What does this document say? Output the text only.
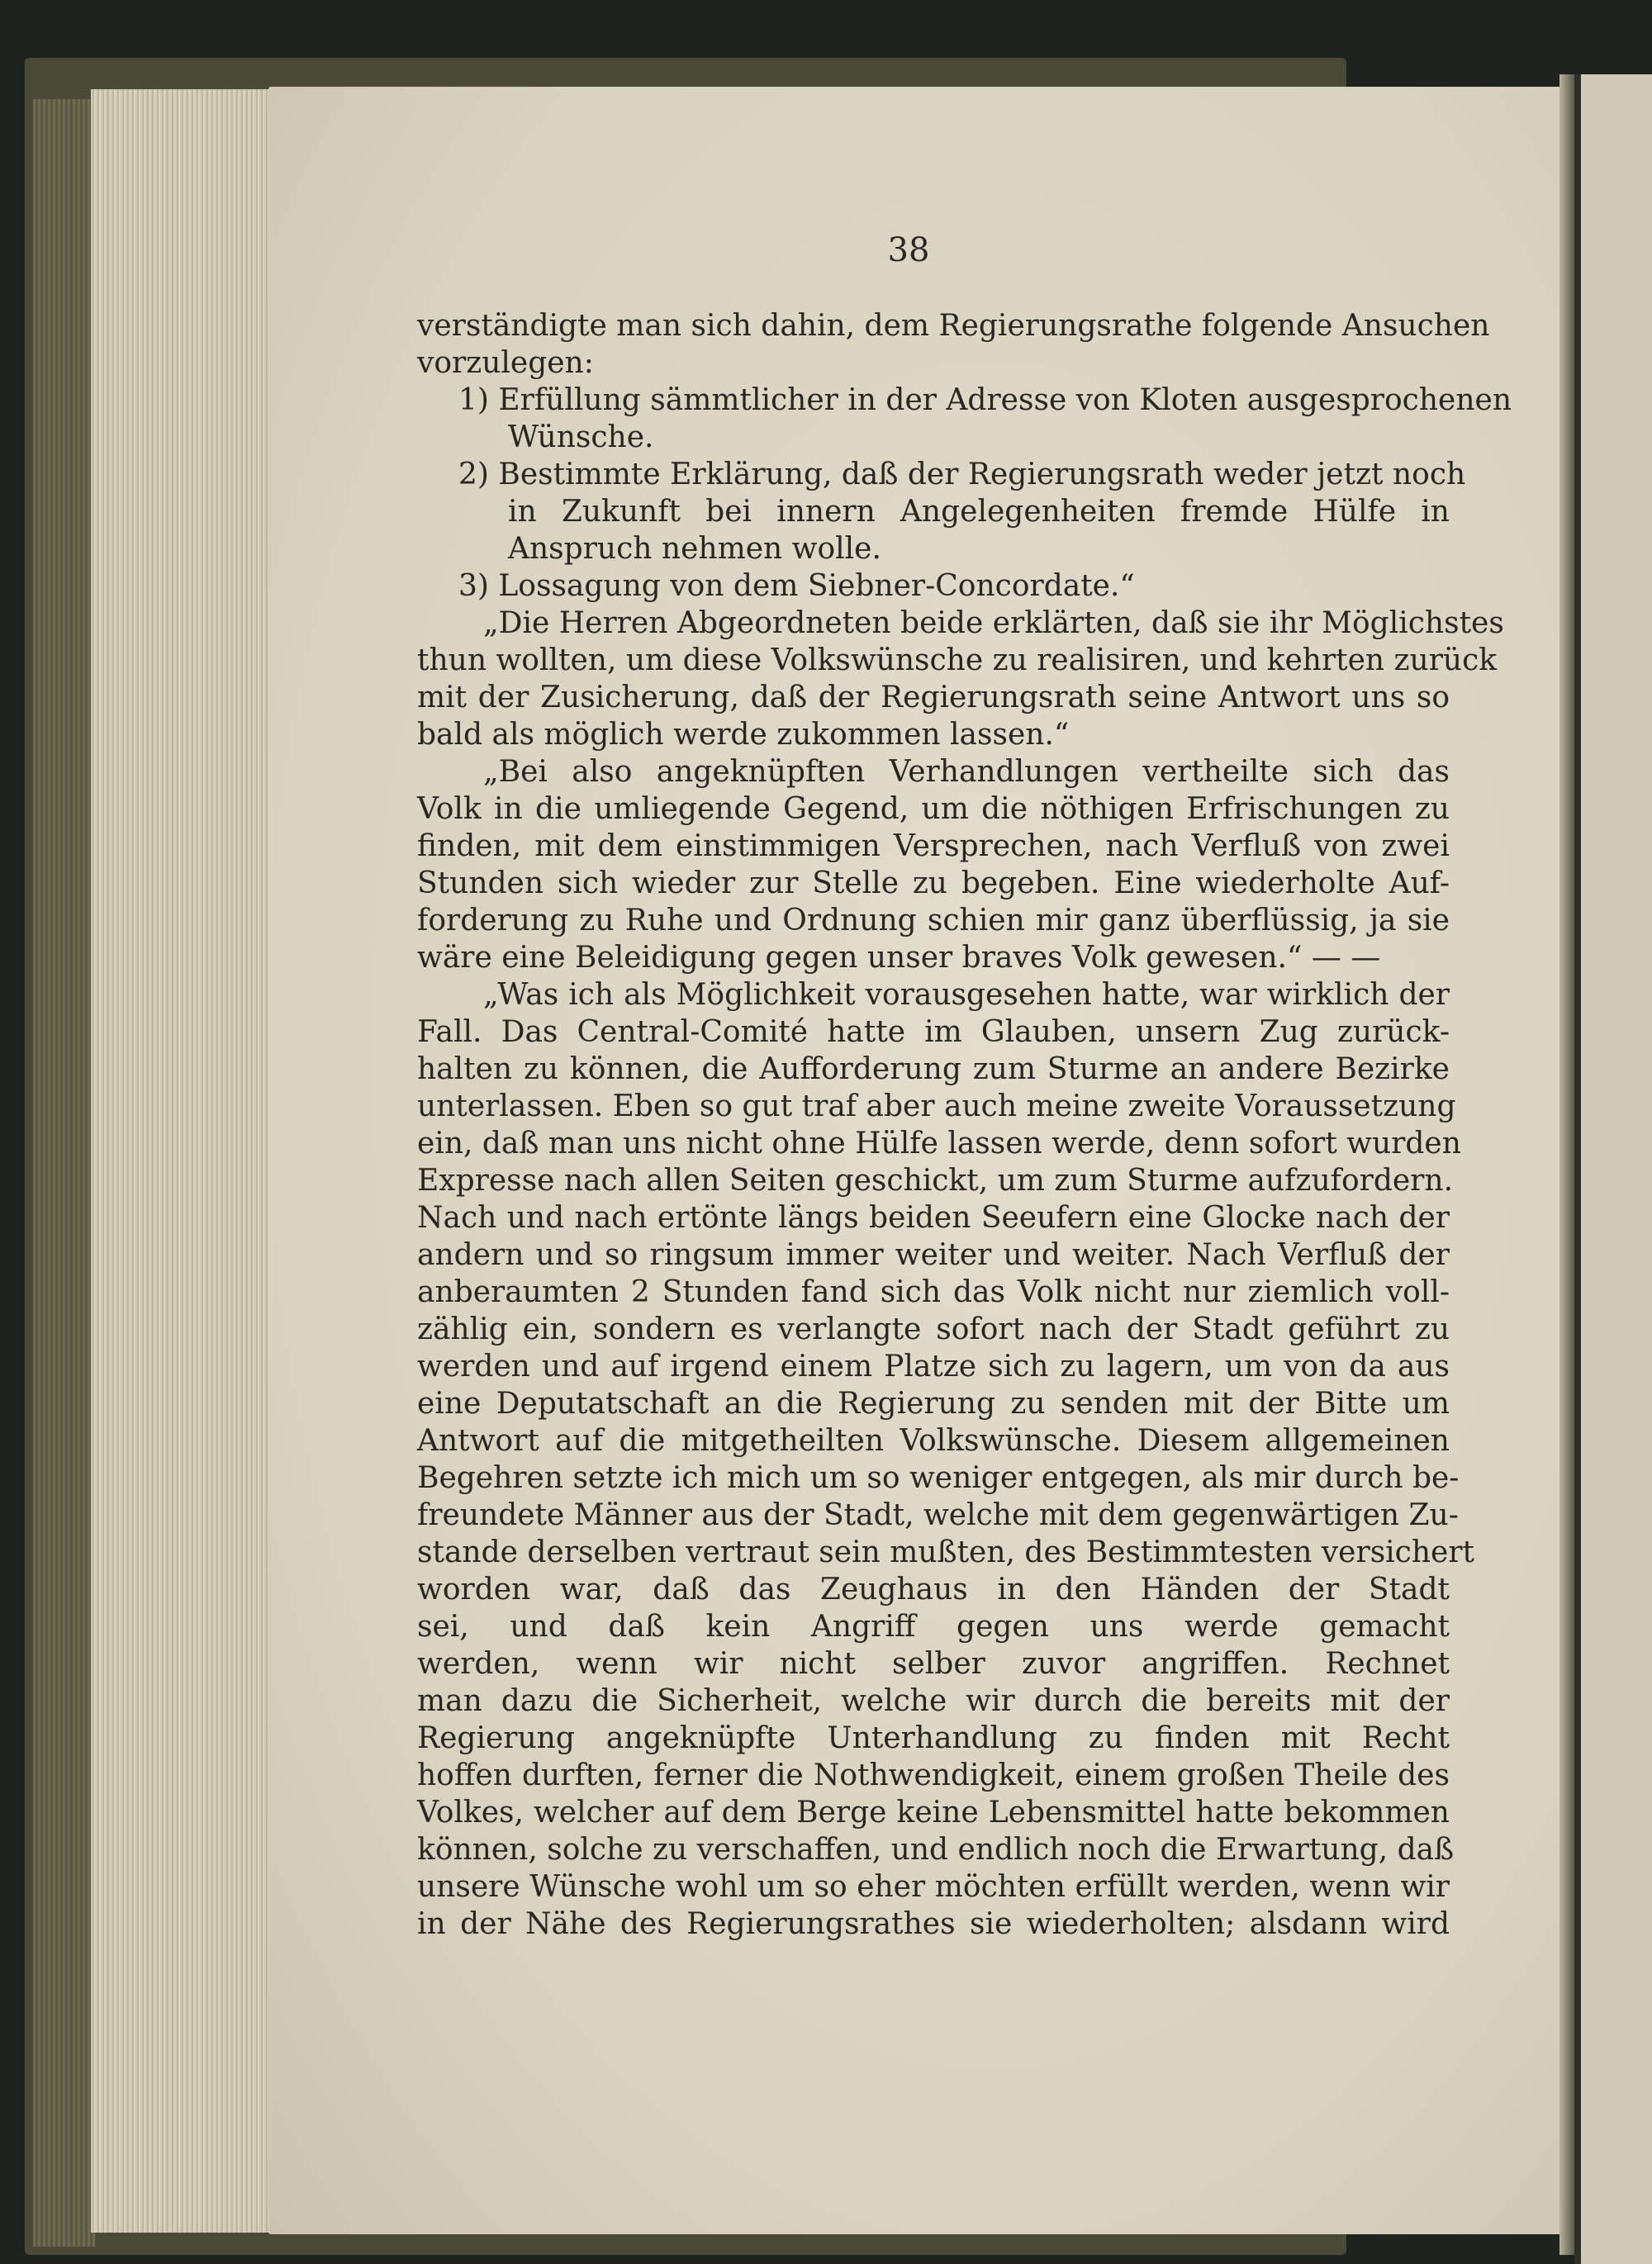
38
verständigte man sich dahin, dem Regierungsrathe folgende Ansuchen
vorzulegen:
1) Erfüllung sämmtlicher in der Adresse von Kloten ausgesprochenen
Wünsche.
2) Bestimmte Erklärung, daß der Regierungsrath weder jetzt noch
in Zukunft bei innern Angelegenheiten fremde Hülfe in
Anspruch nehmen wolle.
3) Lossagung von dem Siebner-Concordate.“
„Die Herren Abgeordneten beide erklärten, daß sie ihr Möglichstes
thun wollten, um diese Volkswünsche zu realisiren, und kehrten zurück
mit der Zusicherung, daß der Regierungsrath seine Antwort uns so
bald als möglich werde zukommen lassen.“
„Bei also angeknüpften Verhandlungen vertheilte sich das
Volk in die umliegende Gegend, um die nöthigen Erfrischungen zu
finden, mit dem einstimmigen Versprechen, nach Verfluß von zwei
Stunden sich wieder zur Stelle zu begeben. Eine wiederholte Auf-
forderung zu Ruhe und Ordnung schien mir ganz überflüssig, ja sie
wäre eine Beleidigung gegen unser braves Volk gewesen.“ — —
„Was ich als Möglichkeit vorausgesehen hatte, war wirklich der
Fall. Das Central-Comité hatte im Glauben, unsern Zug zurück-
halten zu können, die Aufforderung zum Sturme an andere Bezirke
unterlassen. Eben so gut traf aber auch meine zweite Voraussetzung
ein, daß man uns nicht ohne Hülfe lassen werde, denn sofort wurden
Expresse nach allen Seiten geschickt, um zum Sturme aufzufordern.
Nach und nach ertönte längs beiden Seeufern eine Glocke nach der
andern und so ringsum immer weiter und weiter. Nach Verfluß der
anberaumten 2 Stunden fand sich das Volk nicht nur ziemlich voll-
zählig ein, sondern es verlangte sofort nach der Stadt geführt zu
werden und auf irgend einem Platze sich zu lagern, um von da aus
eine Deputatschaft an die Regierung zu senden mit der Bitte um
Antwort auf die mitgetheilten Volkswünsche. Diesem allgemeinen
Begehren setzte ich mich um so weniger entgegen, als mir durch be-
freundete Männer aus der Stadt, welche mit dem gegenwärtigen Zu-
stande derselben vertraut sein mußten, des Bestimmtesten versichert
worden war, daß das Zeughaus in den Händen der Stadt
sei, und daß kein Angriff gegen uns werde gemacht
werden, wenn wir nicht selber zuvor angriffen. Rechnet
man dazu die Sicherheit, welche wir durch die bereits mit der
Regierung angeknüpfte Unterhandlung zu finden mit Recht
hoffen durften, ferner die Nothwendigkeit, einem großen Theile des
Volkes, welcher auf dem Berge keine Lebensmittel hatte bekommen
können, solche zu verschaffen, und endlich noch die Erwartung, daß
unsere Wünsche wohl um so eher möchten erfüllt werden, wenn wir
in der Nähe des Regierungsrathes sie wiederholten; alsdann wird
